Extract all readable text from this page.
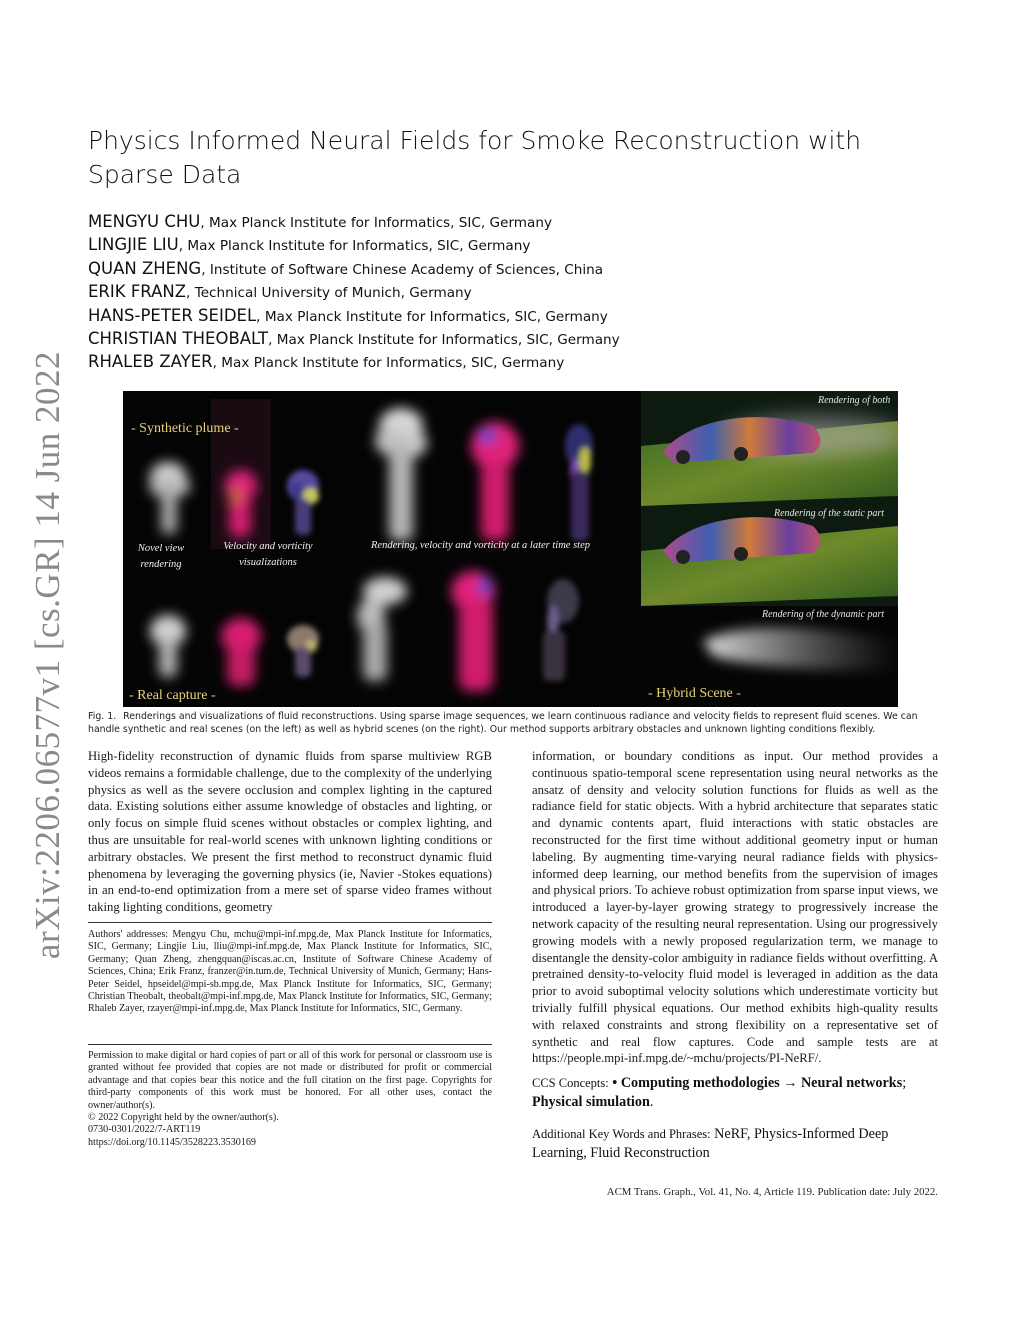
arXiv:2206.06577v1 [cs.GR] 14 Jun 2022
Physics Informed Neural Fields for Smoke Reconstruction with Sparse Data
MENGYU CHU, Max Planck Institute for Informatics, SIC, Germany
LINGJIE LIU, Max Planck Institute for Informatics, SIC, Germany
QUAN ZHENG, Institute of Software Chinese Academy of Sciences, China
ERIK FRANZ, Technical University of Munich, Germany
HANS-PETER SEIDEL, Max Planck Institute for Informatics, SIC, Germany
CHRISTIAN THEOBALT, Max Planck Institute for Informatics, SIC, Germany
RHALEB ZAYER, Max Planck Institute for Informatics, SIC, Germany
- Synthetic plume -
- Real capture -	- Hybrid Scene -
Novel view rendering
Velocity and vorticity visualizations
Rendering, velocity and vorticity at a later time step
Rendering of both
Rendering of the static part
Rendering of the dynamic part

Fig. 1. Renderings and visualizations of fluid reconstructions. Using sparse image sequences, we learn continuous radiance and velocity fields to represent fluid scenes. We can handle synthetic and real scenes (on the left) as well as hybrid scenes (on the right). Our method supports arbitrary obstacles and unknown lighting conditions flexibly.

High-fidelity reconstruction of dynamic fluids from sparse multiview RGB videos remains a formidable challenge, due to the complexity of the underlying physics as well as the severe occlusion and complex lighting in the captured data. Existing solutions either assume knowledge of obstacles and lighting, or only focus on simple fluid scenes without obstacles or complex lighting, and thus are unsuitable for real-world scenes with unknown lighting conditions or arbitrary obstacles. We present the first method to reconstruct dynamic fluid phenomena by leveraging the governing physics (ie, Navier -Stokes equations) in an end-to-end optimization from a mere set of sparse video frames without taking lighting conditions, geometry

information, or boundary conditions as input. Our method provides a continuous spatio-temporal scene representation using neural networks as the ansatz of density and velocity solution functions for fluids as well as the radiance field for static objects. With a hybrid architecture that separates static and dynamic contents apart, fluid interactions with static obstacles are reconstructed for the first time without additional geometry input or human labeling. By augmenting time-varying neural radiance fields with physics-informed deep learning, our method benefits from the supervision of images and physical priors. To achieve robust optimization from sparse input views, we introduced a layer-by-layer growing strategy to progressively increase the network capacity of the resulting neural representation. Using our progressively growing models with a newly proposed regularization term, we manage to disentangle the density-color ambiguity in radiance fields without overfitting. A pretrained density-to-velocity fluid model is leveraged in addition as the data prior to avoid suboptimal velocity solutions which underestimate vorticity but trivially fulfill physical equations. Our method exhibits high-quality results with relaxed constraints and strong flexibility on a representative set of synthetic and real flow captures. Code and sample tests are at https://people.mpi-inf.mpg.de/~mchu/projects/PI-NeRF/.

Authors' addresses: Mengyu Chu, mchu@mpi-inf.mpg.de, Max Planck Institute for Informatics, SIC, Germany; Lingjie Liu, lliu@mpi-inf.mpg.de, Max Planck Institute for Informatics, SIC, Germany; Quan Zheng, zhengquan@iscas.ac.cn, Institute of Software Chinese Academy of Sciences, China; Erik Franz, franzer@in.tum.de, Technical University of Munich, Germany; Hans-Peter Seidel, hpseidel@mpi-sb.mpg.de, Max Planck Institute for Informatics, SIC, Germany; Christian Theobalt, theobalt@mpi-inf.mpg.de, Max Planck Institute for Informatics, SIC, Germany; Rhaleb Zayer, rzayer@mpi-inf.mpg.de, Max Planck Institute for Informatics, SIC, Germany.

Permission to make digital or hard copies of part or all of this work for personal or classroom use is granted without fee provided that copies are not made or distributed for profit or commercial advantage and that copies bear this notice and the full citation on the first page. Copyrights for third-party components of this work must be honored. For all other uses, contact the owner/author(s).
© 2022 Copyright held by the owner/author(s).
0730-0301/2022/7-ART119
https://doi.org/10.1145/3528223.3530169

CCS Concepts: • Computing methodologies → Neural networks; Physical simulation.

Additional Key Words and Phrases: NeRF, Physics-Informed Deep Learning, Fluid Reconstruction

ACM Trans. Graph., Vol. 41, No. 4, Article 119. Publication date: July 2022.
